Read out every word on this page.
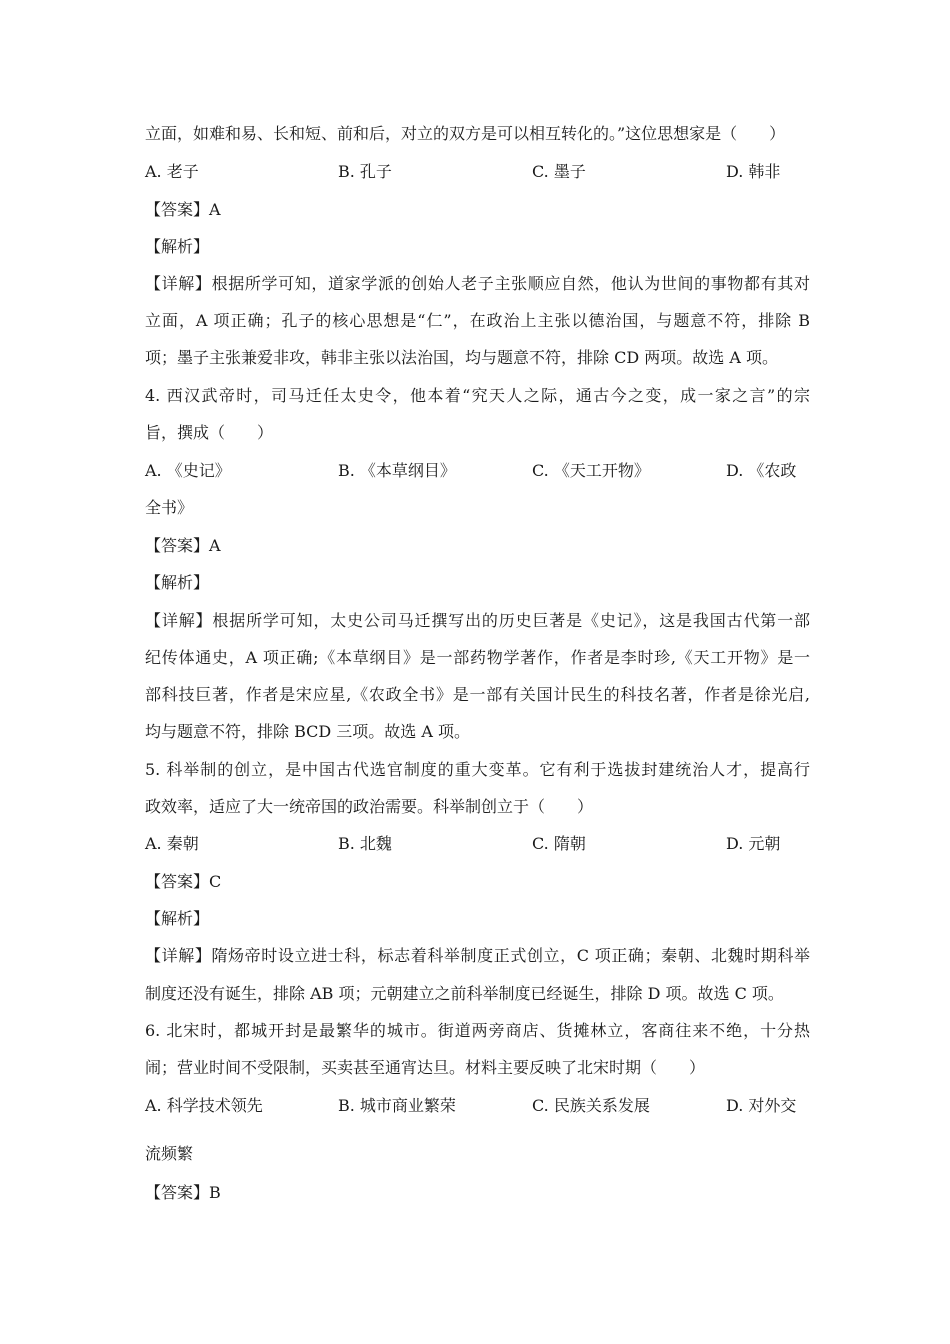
立面，如难和易、长和短、前和后，对立的双方是可以相互转化的。”这位思想家是（　　）
A. 老子	B. 孔子	C. 墨子	D. 韩非
【答案】A
【解析】
【详解】根据所学可知，道家学派的创始人老子主张顺应自然，他认为世间的事物都有其对
立面，A 项正确；孔子的核心思想是“仁”，在政治上主张以德治国，与题意不符，排除 B
项；墨子主张兼爱非攻，韩非主张以法治国，均与题意不符，排除 CD 两项。故选 A 项。
4. 西汉武帝时，司马迁任太史令，他本着“究天人之际，通古今之变，成一家之言”的宗
旨，撰成（　　）
A. 《史记》	B. 《本草纲目》	C. 《天工开物》	D. 《农政
全书》
【答案】A
【解析】
【详解】根据所学可知，太史公司马迁撰写出的历史巨著是《史记》，这是我国古代第一部
纪传体通史，A 项正确;《本草纲目》是一部药物学著作，作者是李时珍,《天工开物》是一
部科技巨著，作者是宋应星,《农政全书》是一部有关国计民生的科技名著，作者是徐光启,
均与题意不符，排除 BCD 三项。故选 A 项。
5. 科举制的创立，是中国古代选官制度的重大变革。它有利于选拔封建统治人才，提高行
政效率，适应了大一统帝国的政治需要。科举制创立于（　　）
A. 秦朝	B. 北魏	C. 隋朝	D. 元朝
【答案】C
【解析】
【详解】隋炀帝时设立进士科，标志着科举制度正式创立，C 项正确；秦朝、北魏时期科举
制度还没有诞生，排除 AB 项；元朝建立之前科举制度已经诞生，排除 D 项。故选 C 项。
6. 北宋时，都城开封是最繁华的城市。街道两旁商店、货摊林立，客商往来不绝，十分热
闹；营业时间不受限制，买卖甚至通宵达旦。材料主要反映了北宋时期（　　）
A. 科学技术领先	B. 城市商业繁荣	C. 民族关系发展	D. 对外交
流频繁
【答案】B
